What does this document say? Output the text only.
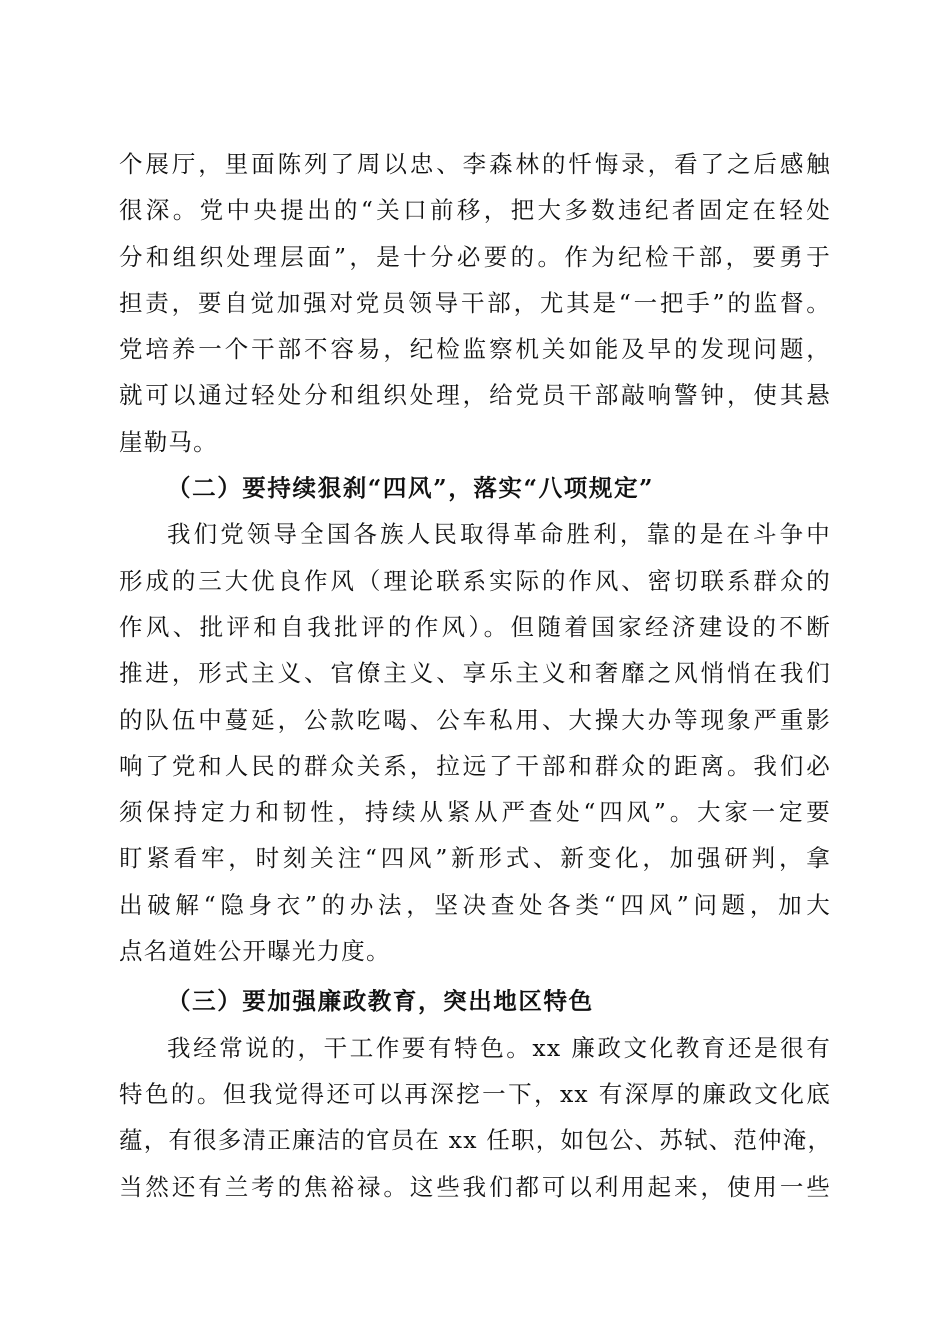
个展厅，里面陈列了周以忠、李森林的忏悔录，看了之后感触
很深。党中央提出的“关口前移，把大多数违纪者固定在轻处
分和组织处理层面”，是十分必要的。作为纪检干部，要勇于
担责，要自觉加强对党员领导干部，尤其是“一把手”的监督。
党培养一个干部不容易，纪检监察机关如能及早的发现问题，
就可以通过轻处分和组织处理，给党员干部敲响警钟，使其悬
崖勒马。
（二）要持续狠刹“四风”，落实“八项规定”
我们党领导全国各族人民取得革命胜利，靠的是在斗争中
形成的三大优良作风（理论联系实际的作风、密切联系群众的
作风、批评和自我批评的作风）。但随着国家经济建设的不断
推进，形式主义、官僚主义、享乐主义和奢靡之风悄悄在我们
的队伍中蔓延，公款吃喝、公车私用、大操大办等现象严重影
响了党和人民的群众关系，拉远了干部和群众的距离。我们必
须保持定力和韧性，持续从紧从严查处“四风”。大家一定要
盯紧看牢，时刻关注“四风”新形式、新变化，加强研判，拿
出破解“隐身衣”的办法，坚决查处各类“四风”问题，加大
点名道姓公开曝光力度。
（三）要加强廉政教育，突出地区特色
我经常说的，干工作要有特色。xx 廉政文化教育还是很有
特色的。但我觉得还可以再深挖一下，xx 有深厚的廉政文化底
蕴，有很多清正廉洁的官员在 xx 任职，如包公、苏轼、范仲淹，
当然还有兰考的焦裕禄。这些我们都可以利用起来，使用一些
